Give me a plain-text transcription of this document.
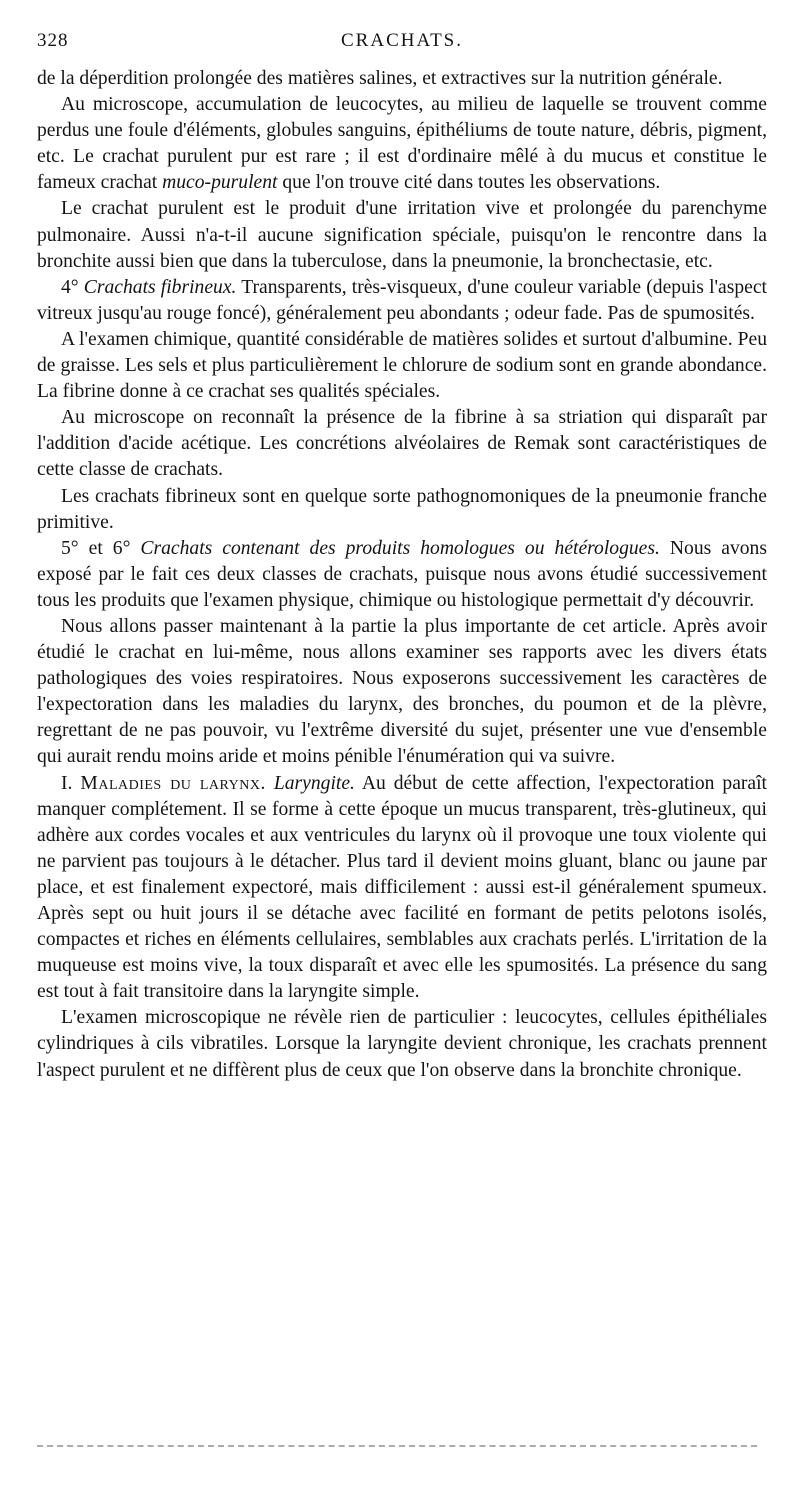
328	CRACHATS.

de la déperdition prolongée des matières salines, et extractives sur la nutrition générale.

Au microscope, accumulation de leucocytes, au milieu de laquelle se trouvent comme perdus une foule d'éléments, globules sanguins, épithéliums de toute nature, débris, pigment, etc. Le crachat purulent pur est rare ; il est d'ordinaire mêlé à du mucus et constitue le fameux crachat muco-purulent que l'on trouve cité dans toutes les observations.

Le crachat purulent est le produit d'une irritation vive et prolongée du parenchyme pulmonaire. Aussi n'a-t-il aucune signification spéciale, puisqu'on le rencontre dans la bronchite aussi bien que dans la tuberculose, dans la pneumonie, la bronchectasie, etc.

4° Crachats fibrineux. Transparents, très-visqueux, d'une couleur variable (depuis l'aspect vitreux jusqu'au rouge foncé), généralement peu abondants ; odeur fade. Pas de spumosités.

A l'examen chimique, quantité considérable de matières solides et surtout d'albumine. Peu de graisse. Les sels et plus particulièrement le chlorure de sodium sont en grande abondance. La fibrine donne à ce crachat ses qualités spéciales.

Au microscope on reconnaît la présence de la fibrine à sa striation qui disparaît par l'addition d'acide acétique. Les concrétions alvéolaires de Remak sont caractéristiques de cette classe de crachats.

Les crachats fibrineux sont en quelque sorte pathognomoniques de la pneumonie franche primitive.

5° et 6° Crachats contenant des produits homologues ou hétérologues. Nous avons exposé par le fait ces deux classes de crachats, puisque nous avons étudié successivement tous les produits que l'examen physique, chimique ou histologique permettait d'y découvrir.

Nous allons passer maintenant à la partie la plus importante de cet article. Après avoir étudié le crachat en lui-même, nous allons examiner ses rapports avec les divers états pathologiques des voies respiratoires. Nous exposerons successivement les caractères de l'expectoration dans les maladies du larynx, des bronches, du poumon et de la plèvre, regrettant de ne pas pouvoir, vu l'extrême diversité du sujet, présenter une vue d'ensemble qui aurait rendu moins aride et moins pénible l'énumération qui va suivre.

I. Maladies du larynx. Laryngite. Au début de cette affection, l'expectoration paraît manquer complétement. Il se forme à cette époque un mucus transparent, très-glutineux, qui adhère aux cordes vocales et aux ventricules du larynx où il provoque une toux violente qui ne parvient pas toujours à le détacher. Plus tard il devient moins gluant, blanc ou jaune par place, et est finalement expectoré, mais difficilement : aussi est-il généralement spumeux. Après sept ou huit jours il se détache avec facilité en formant de petits pelotons isolés, compactes et riches en éléments cellulaires, semblables aux crachats perlés. L'irritation de la muqueuse est moins vive, la toux disparaît et avec elle les spumosités. La présence du sang est tout à fait transitoire dans la laryngite simple.

L'examen microscopique ne révèle rien de particulier : leucocytes, cellules épithéliales cylindriques à cils vibratiles. Lorsque la laryngite devient chronique, les crachats prennent l'aspect purulent et ne diffèrent plus de ceux que l'on observe dans la bronchite chronique.
